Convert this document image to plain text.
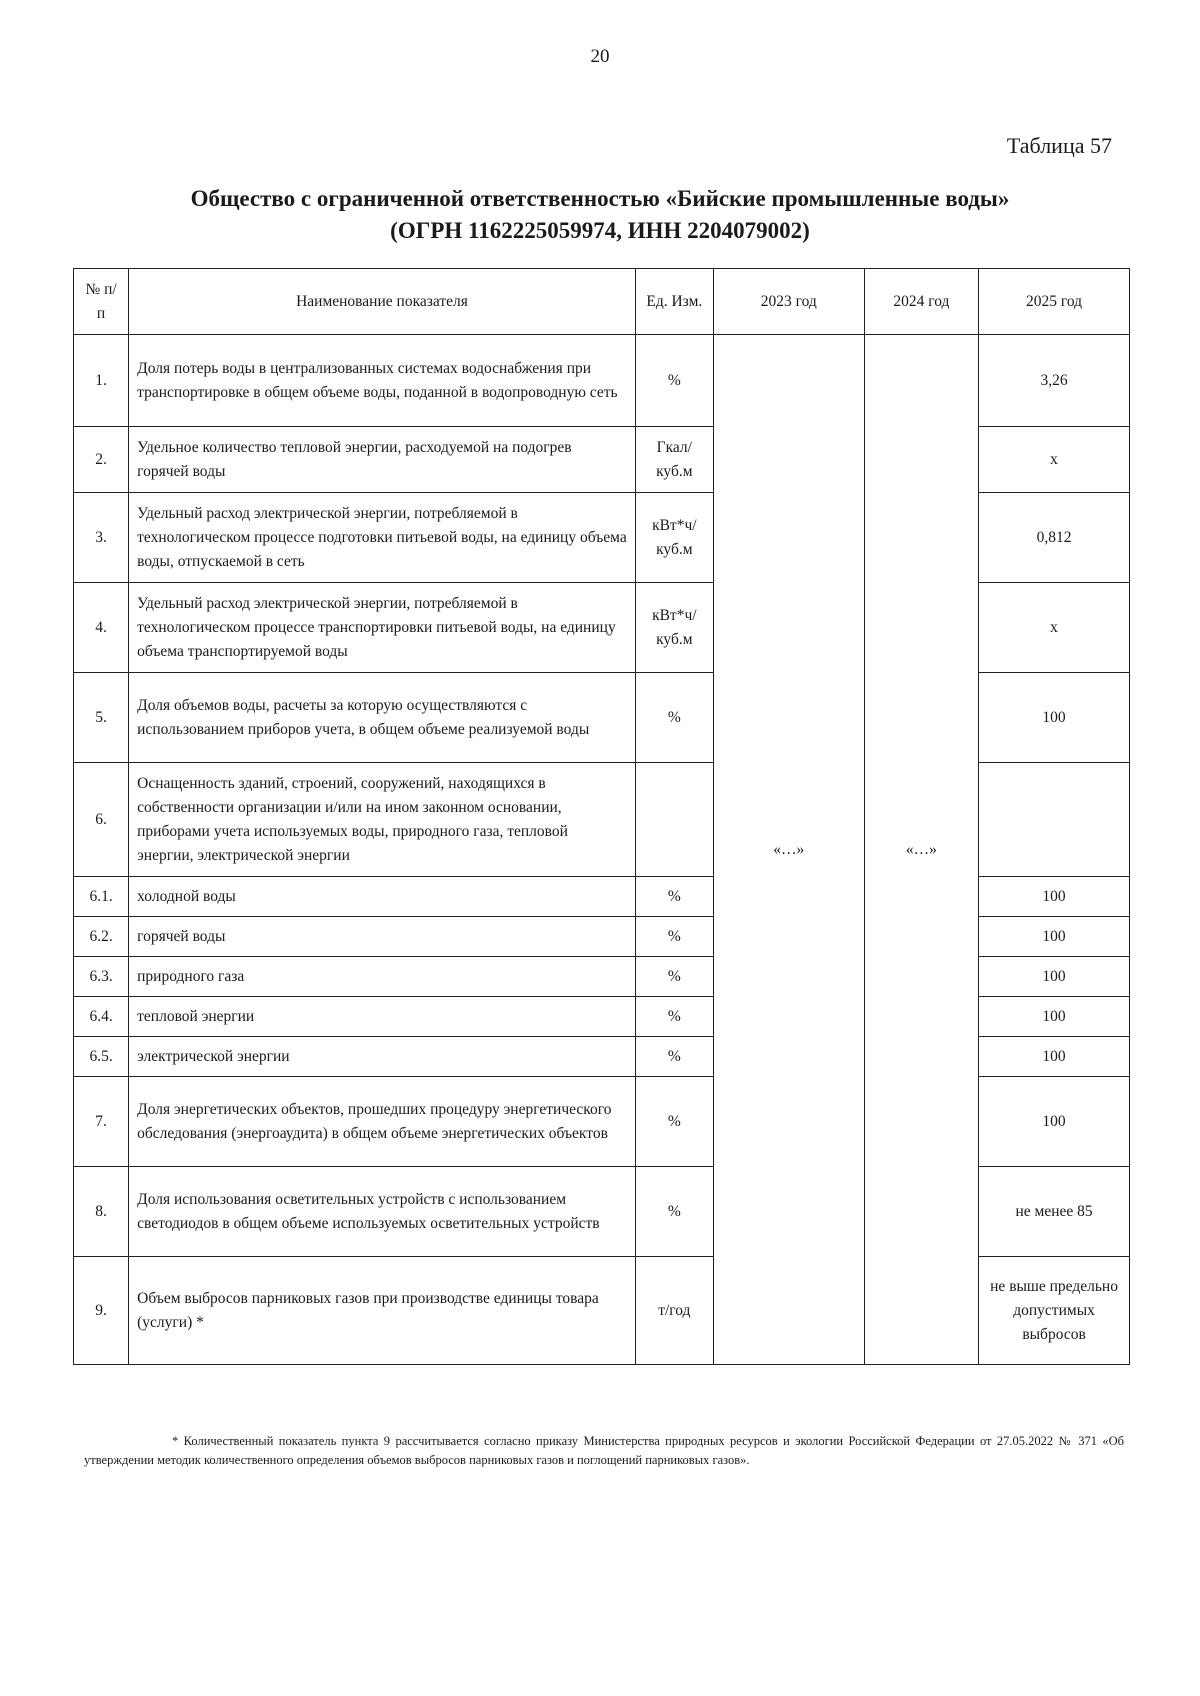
20
Таблица 57
Общество с ограниченной ответственностью «Бийские промышленные воды»
(ОГРН 1162225059974, ИНН 2204079002)
№ п/п	Наименование показателя	Ед. Изм.	2023 год	2024 год	2025 год
1.	Доля потерь воды в централизованных системах водоснабжения при транспортировке в общем объеме воды, поданной в водопроводную сеть	%	«…»	«…»	3,26
2.	Удельное количество тепловой энергии, расходуемой на подогрев горячей воды	Гкал/ куб.м			x
3.	Удельный расход электрической энергии, потребляемой в технологическом процессе подготовки питьевой воды, на единицу объема воды, отпускаемой в сеть	кВт*ч/ куб.м			0,812
4.	Удельный расход электрической энергии, потребляемой в технологическом процессе транспортировки питьевой воды, на единицу объема транспортируемой воды	кВт*ч/ куб.м			x
5.	Доля объемов воды, расчеты за которую осуществляются с использованием приборов учета, в общем объеме реализуемой воды	%			100
6.	Оснащенность зданий, строений, сооружений, находящихся в собственности организации и/или на ином законном основании, приборами учета используемых воды, природного газа, тепловой энергии, электрической энергии				
6.1.	холодной воды	%			100
6.2.	горячей воды	%			100
6.3.	природного газа	%			100
6.4.	тепловой энергии	%			100
6.5.	электрической энергии	%			100
7.	Доля энергетических объектов, прошедших процедуру энергетического обследования (энергоаудита) в общем объеме энергетических объектов	%			100
8.	Доля использования осветительных устройств с использованием светодиодов в общем объеме используемых осветительных устройств	%			не менее 85
9.	Объем выбросов парниковых газов при производстве единицы товара (услуги) *	т/год			не выше предельно допустимых выбросов
* Количественный показатель пункта 9 рассчитывается согласно приказу Министерства природных ресурсов и экологии Российской Федерации от 27.05.2022 № 371 «Об утверждении методик количественного определения объемов выбросов парниковых газов и поглощений парниковых газов».
